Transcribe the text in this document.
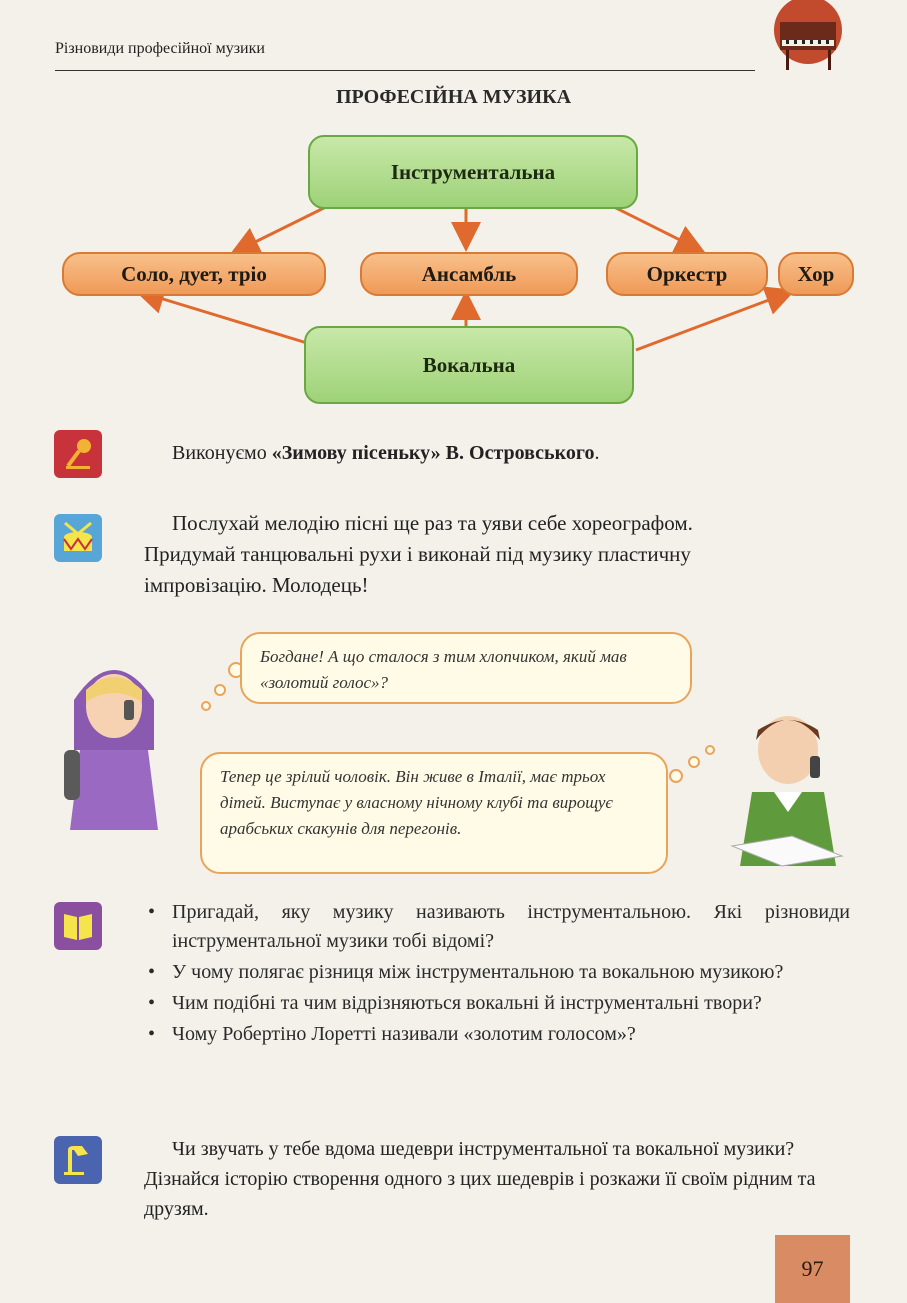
Різновиди професійної музики
ПРОФЕСІЙНА МУЗИКА
Інструментальна
Соло, дует, тріо	Ансамбль	Оркестр	Хор
Вокальна
Виконуємо «Зимову пісеньку» В. Островського.
Послухай мелодію пісні ще раз та уяви себе хореографом.
Придумай танцювальні рухи і виконай під музику пластичну
імпровізацію. Молодець!
Богдане! А що сталося з тим хлопчиком, який мав «золотий голос»?
Тепер це зрілий чоловік. Він живе в Італії, має трьох дітей. Виступає у власному нічному клубі та вирощує арабських скакунів для перегонів.
• Пригадай, яку музику називають інструментальною. Які різновиди інструментальної музики тобі відомі?
• У чому полягає різниця між інструментальною та вокальною музикою?
• Чим подібні та чим відрізняються вокальні й інструментальні твори?
• Чому Робертіно Лоретті називали «золотим голосом»?
Чи звучать у тебе вдома шедеври інструментальної та вокальної музики? Дізнайся історію створення одного з цих шедеврів і розкажи її своїм рідним та друзям.
97
